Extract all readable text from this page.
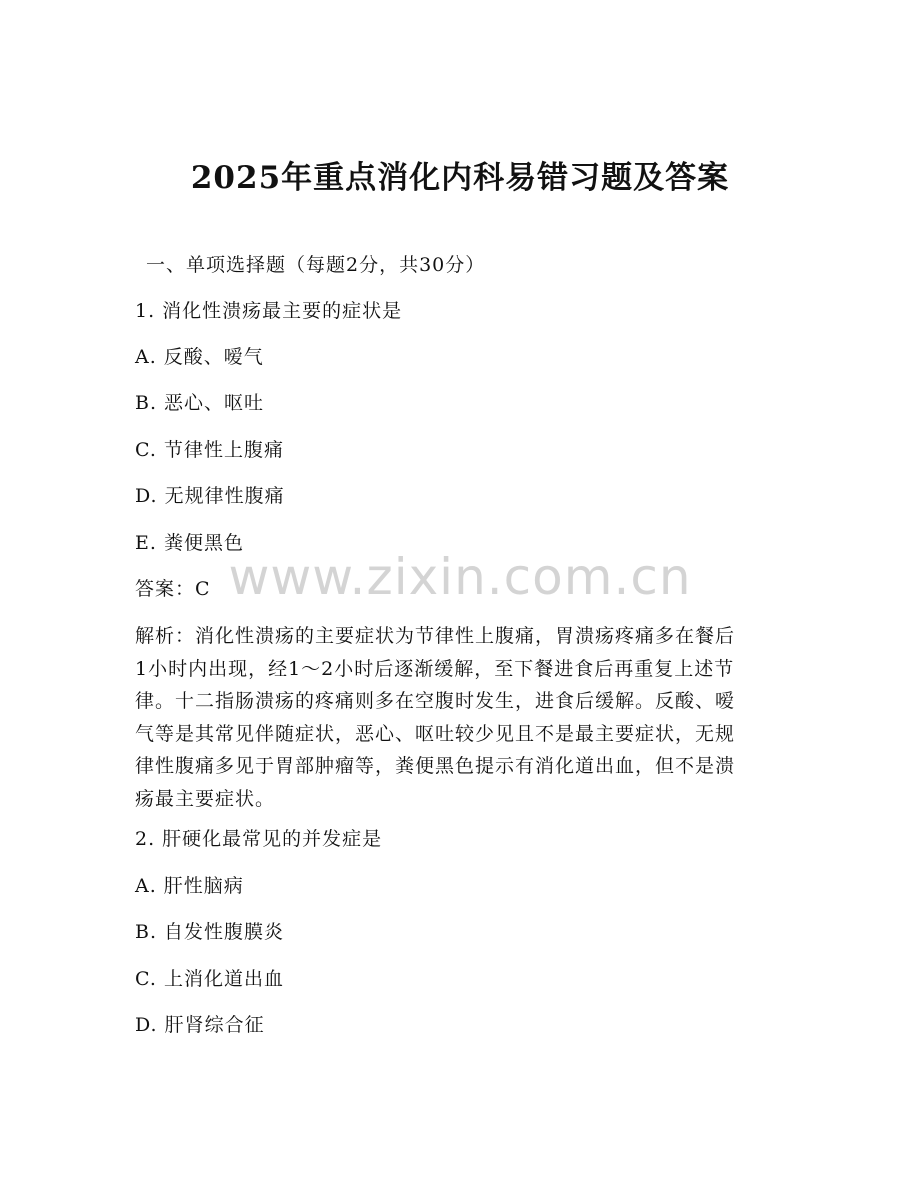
2025年重点消化内科易错习题及答案
一、单项选择题（每题2分，共30分）
1. 消化性溃疡最主要的症状是
A. 反酸、嗳气
B. 恶心、呕吐
C. 节律性上腹痛
D. 无规律性腹痛
E. 粪便黑色
答案：C
解析：消化性溃疡的主要症状为节律性上腹痛，胃溃疡疼痛多在餐后
1小时内出现，经1～2小时后逐渐缓解，至下餐进食后再重复上述节
律。十二指肠溃疡的疼痛则多在空腹时发生，进食后缓解。反酸、嗳
气等是其常见伴随症状，恶心、呕吐较少见且不是最主要症状，无规
律性腹痛多见于胃部肿瘤等，粪便黑色提示有消化道出血，但不是溃
疡最主要症状。
2. 肝硬化最常见的并发症是
A. 肝性脑病
B. 自发性腹膜炎
C. 上消化道出血
D. 肝肾综合征
www.zixin.com.cn
